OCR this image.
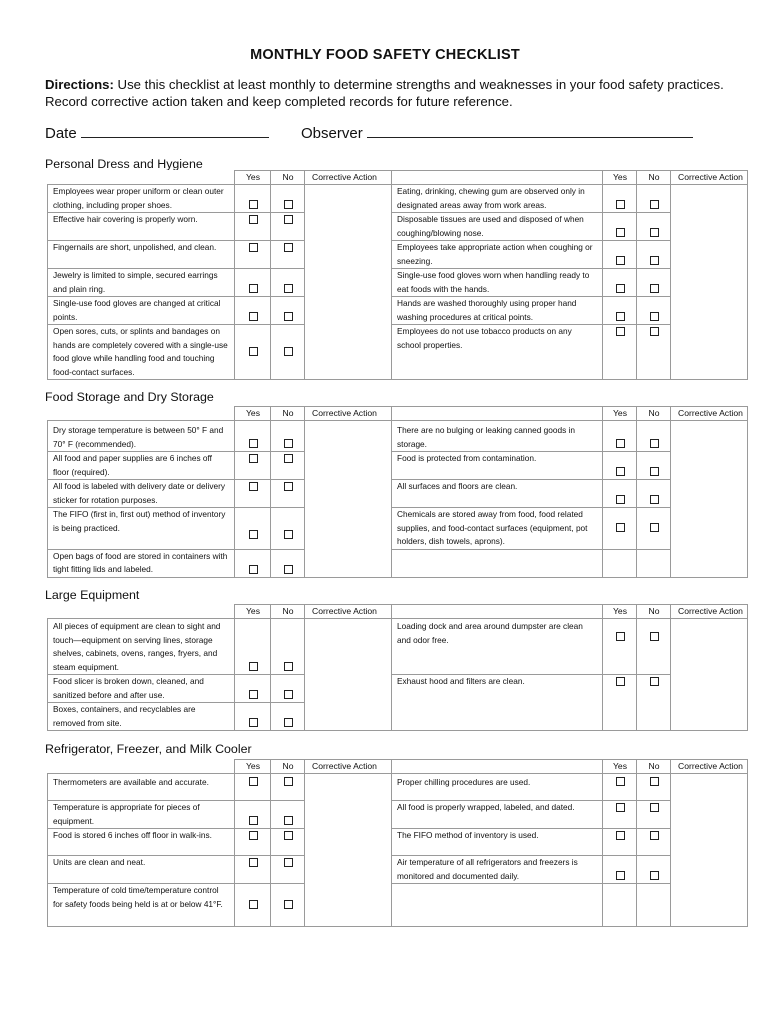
MONTHLY FOOD SAFETY CHECKLIST
Directions: Use this checklist at least monthly to determine strengths and weaknesses in your food safety practices. Record corrective action taken and keep completed records for future reference.
Date	Observer
Personal Dress and Hygiene
	Yes	No	Corrective Action		Yes	No	Corrective Action
Employees wear proper uniform or clean outer clothing, including proper shoes.				Eating, drinking, chewing gum are observed only in designated areas away from work areas.	

Effective hair covering is properly worn.				Disposable tissues are used and disposed of when coughing/blowing nose.		

Fingernails are short, unpolished, and clean.				Employees take appropriate action when coughing or sneezing.		

Jewelry is limited to simple, secured earrings and plain ring.				Single-use food gloves worn when handling ready to eat foods with the hands.		

Single-use food gloves are changed at critical points.				Hands are washed thoroughly using proper hand washing procedures at critical points.		

Open sores, cuts, or splints and bandages on hands are completely covered with a single-use food glove while handling food and touching food-contact surfaces.				Employees do not use tobacco products on any school properties.		

Food Storage and Dry Storage
	Yes	No	Corrective Action		Yes	No	Corrective Action
Dry storage temperature is between 50° F and 70° F (recommended).				There are no bulging or leaking canned goods in storage.	

All food and paper supplies are 6 inches off floor (required).				Food is protected from contamination.		

All food is labeled with delivery date or delivery sticker for rotation purposes.				All surfaces and floors are clean.		

The FIFO (first in, first out) method of inventory is being practiced.				Chemicals are stored away from food, food related supplies, and food-contact surfaces (equipment, pot holders, dish towels, aprons).		

Open bags of food are stored in containers with tight fitting lids and labeled.			

Large Equipment
	Yes	No	Corrective Action		Yes	No	Corrective Action
All pieces of equipment are clean to sight and touch—equipment on serving lines, storage shelves, cabinets, ovens, ranges, fryers, and steam equipment.				Loading dock and area around dumpster are clean and odor free.	

Food slicer is broken down, cleaned, and sanitized before and after use.				Exhaust hood and filters are clean.		

Boxes, containers, and recyclables are removed from site.						

Refrigerator, Freezer, and Milk Cooler
	Yes	No	Corrective Action		Yes	No	Corrective Action
Thermometers are available and accurate.				Proper chilling procedures are used.	

Temperature is appropriate for pieces of equipment.				All food is properly wrapped, labeled, and dated.		

Food is stored 6 inches off floor in walk-ins.				The FIFO method of inventory is used.		

Units are clean and neat.				Air temperature of all refrigerators and freezers is monitored and documented daily.		

Temperature of cold time/temperature control for safety foods being held is at or below 41°F.			
